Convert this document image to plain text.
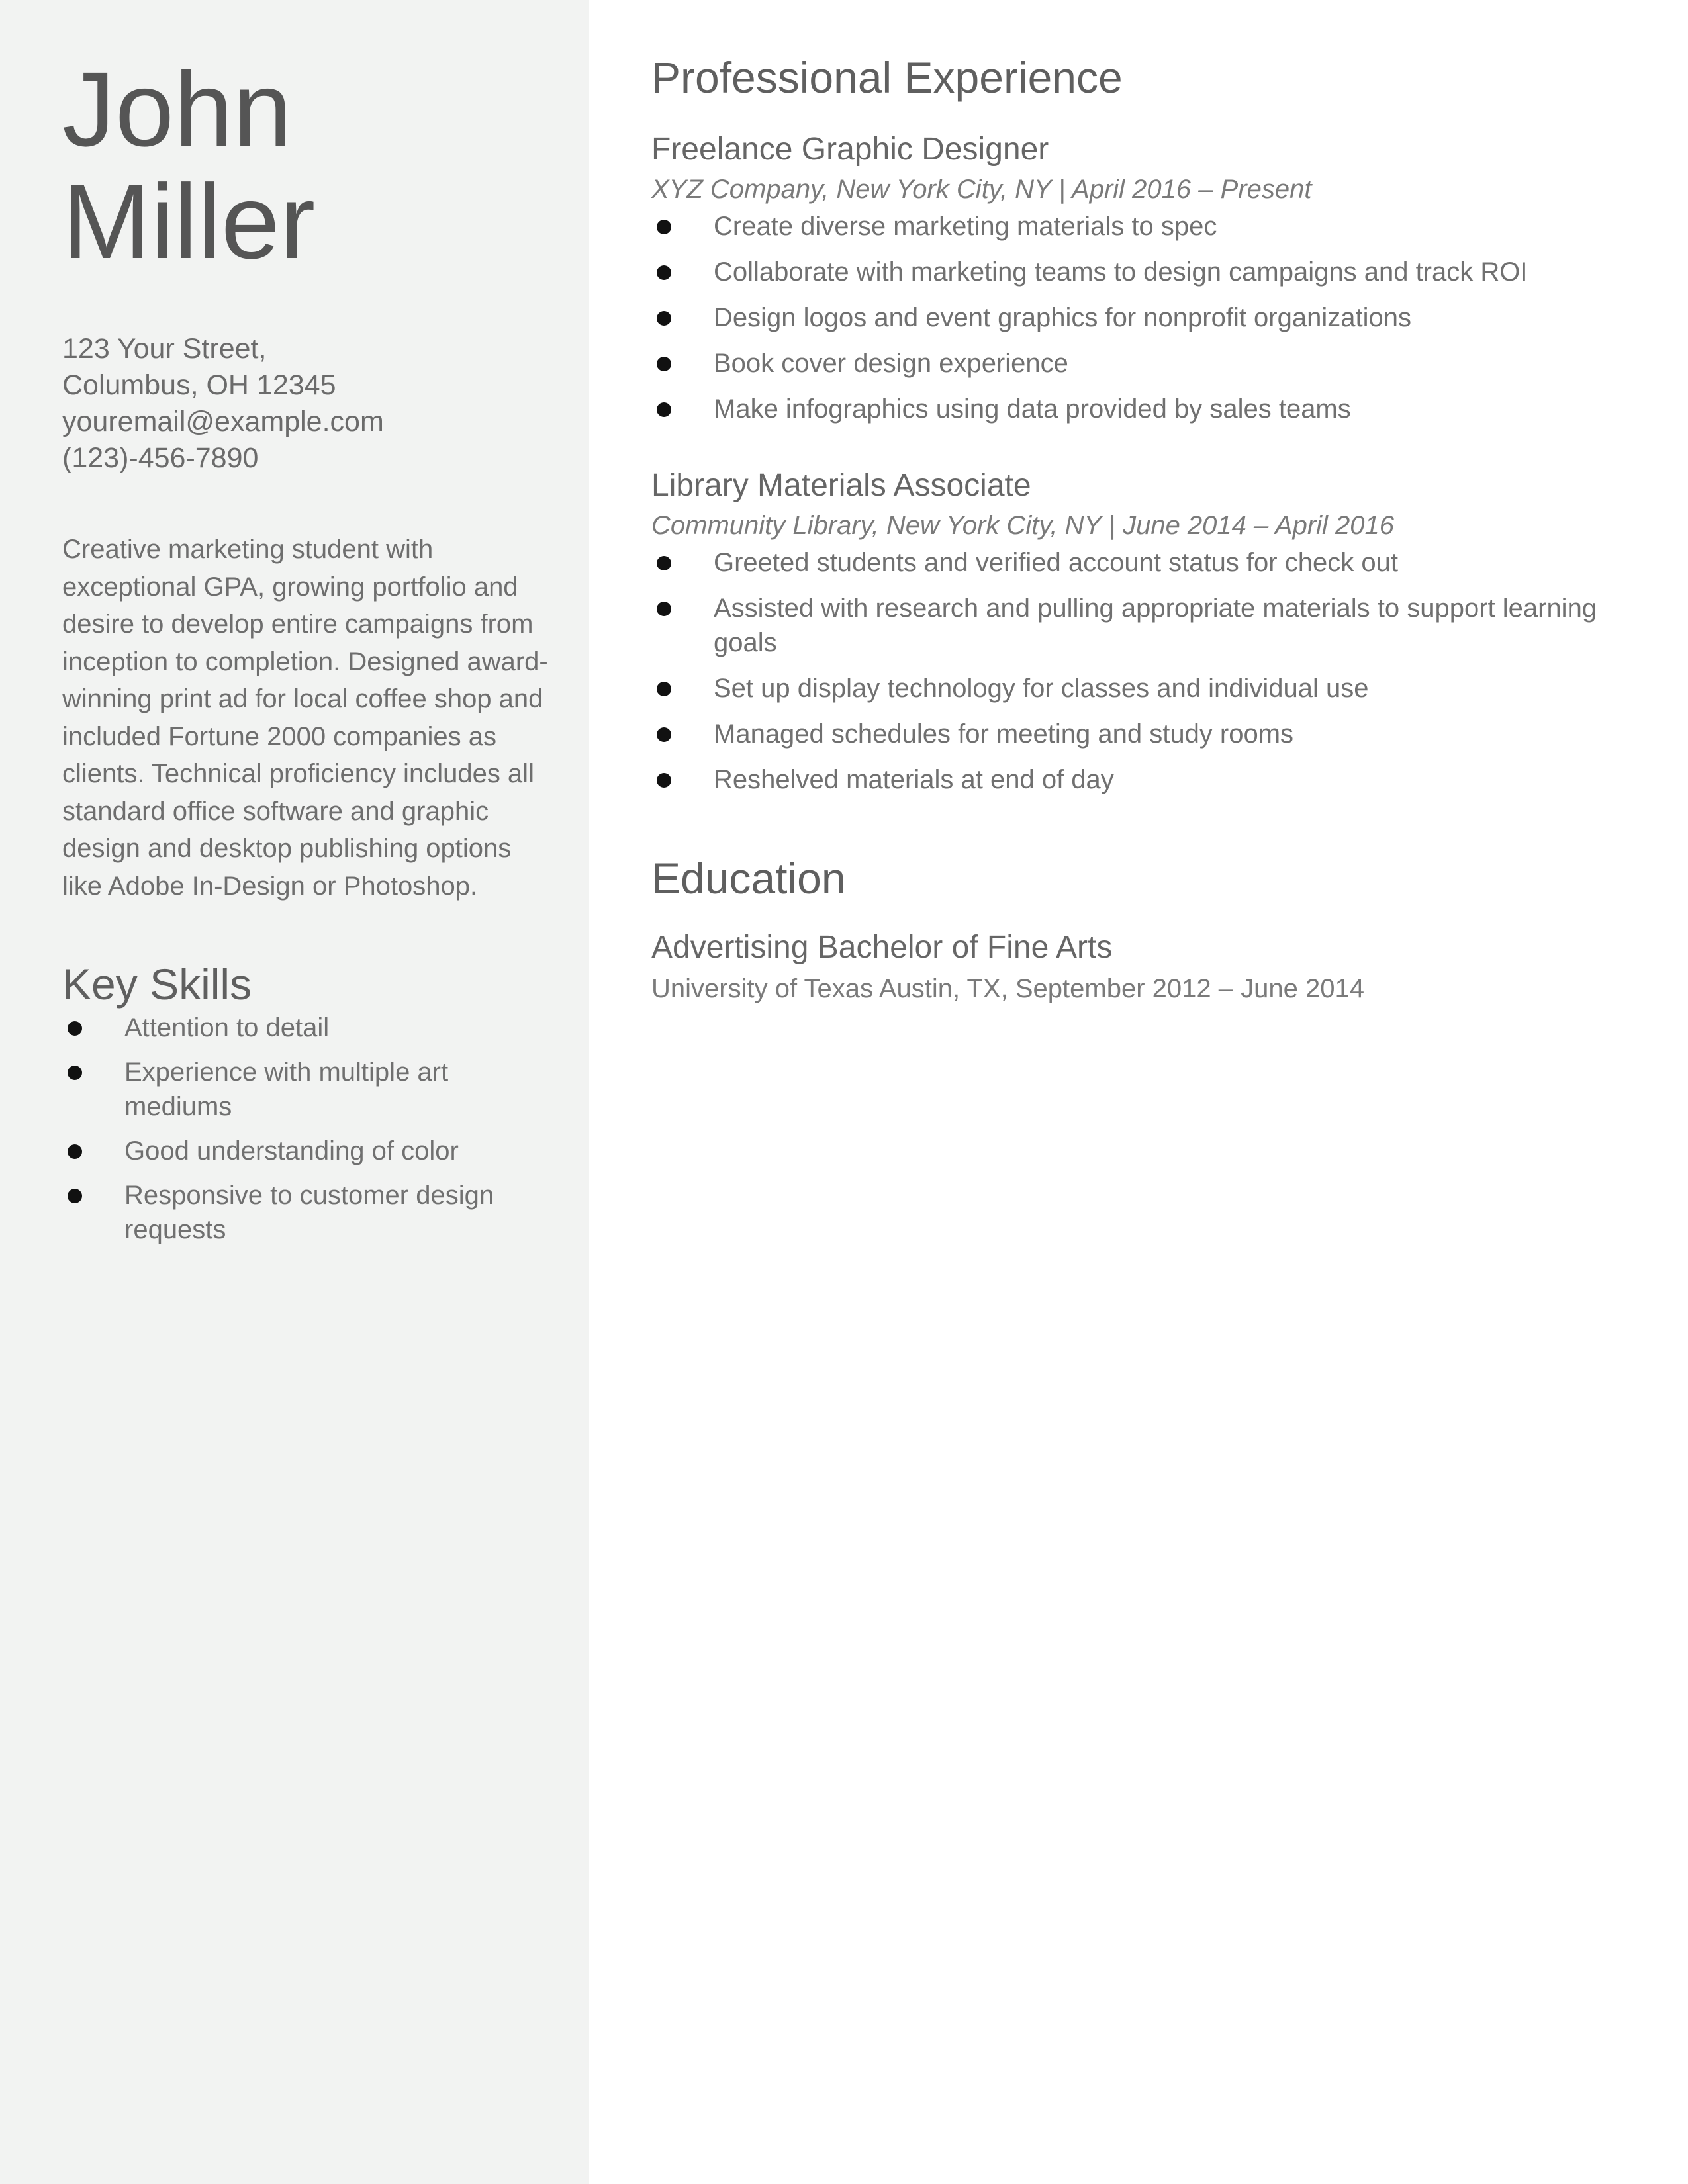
John
Miller
123 Your Street,
Columbus, OH 12345
youremail@example.com
(123)-456-7890

Creative marketing student with exceptional GPA, growing portfolio and desire to develop entire campaigns from inception to completion. Designed award-winning print ad for local coffee shop and included Fortune 2000 companies as clients. Technical proficiency includes all standard office software and graphic design and desktop publishing options like Adobe In-Design or Photoshop.

Key Skills
Attention to detail
Experience with multiple art mediums
Good understanding of color
Responsive to customer design requests
Professional Experience
Freelance Graphic Designer
XYZ Company, New York City, NY | April 2016 – Present
Create diverse marketing materials to spec
Collaborate with marketing teams to design campaigns and track ROI
Design logos and event graphics for nonprofit organizations
Book cover design experience
Make infographics using data provided by sales teams
Library Materials Associate
Community Library, New York City, NY | June 2014 – April 2016
Greeted students and verified account status for check out
Assisted with research and pulling appropriate materials to support learning goals
Set up display technology for classes and individual use
Managed schedules for meeting and study rooms
Reshelved materials at end of day
Education
Advertising Bachelor of Fine Arts
University of Texas Austin, TX, September 2012 – June 2014
